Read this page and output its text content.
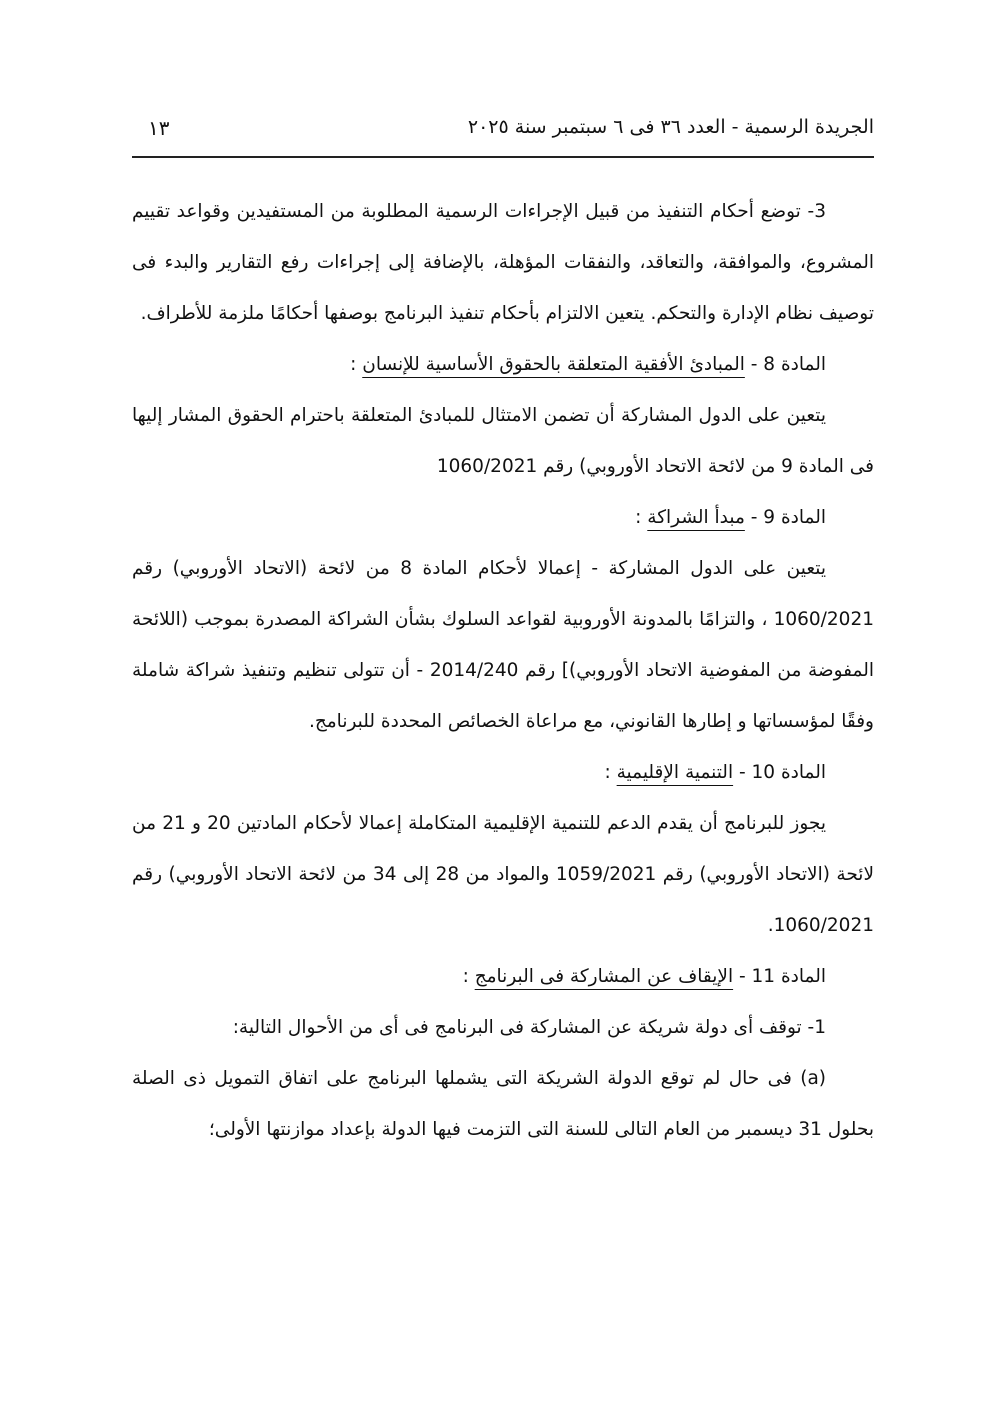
الجريدة الرسمية - العدد ٣٦ فى ٦ سبتمبر سنة ٢٠٢٥
١٣

3- توضع أحكام التنفيذ من قبيل الإجراءات الرسمية المطلوبة من المستفيدين وقواعد تقييم المشروع، والموافقة، والتعاقد، والنفقات المؤهلة، بالإضافة إلى إجراءات رفع التقارير والبدء فى توصيف نظام الإدارة والتحكم. يتعين الالتزام بأحكام تنفيذ البرنامج بوصفها أحكامًا ملزمة للأطراف.

المادة 8 - المبادئ الأفقية المتعلقة بالحقوق الأساسية للإنسان :

يتعين على الدول المشاركة أن تضمن الامتثال للمبادئ المتعلقة باحترام الحقوق المشار إليها فى المادة 9 من لائحة الاتحاد الأوروبي) رقم 1060/2021

المادة 9 - مبدأ الشراكة :

يتعين على الدول المشاركة - إعمالا لأحكام المادة 8 من لائحة (الاتحاد الأوروبي) رقم 1060/2021 ، والتزامًا بالمدونة الأوروبية لقواعد السلوك بشأن الشراكة المصدرة بموجب (اللائحة المفوضة من المفوضية الاتحاد الأوروبي)] رقم 2014/240 - أن تتولى تنظيم وتنفيذ شراكة شاملة وفقًا لمؤسساتها و إطارها القانوني، مع مراعاة الخصائص المحددة للبرنامج.

المادة 10 - التنمية الإقليمية :

يجوز للبرنامج أن يقدم الدعم للتنمية الإقليمية المتكاملة إعمالا لأحكام المادتين 20 و 21 من لائحة (الاتحاد الأوروبي) رقم 1059/2021 والمواد من 28 إلى 34 من لائحة الاتحاد الأوروبي) رقم 1060/2021.

المادة 11 - الإيقاف عن المشاركة فى البرنامج :

1- توقف أى دولة شريكة عن المشاركة فى البرنامج فى أى من الأحوال التالية:

(a) فى حال لم توقع الدولة الشريكة التى يشملها البرنامج على اتفاق التمويل ذى الصلة بحلول 31 ديسمبر من العام التالى للسنة التى التزمت فيها الدولة بإعداد موازنتها الأولى؛
